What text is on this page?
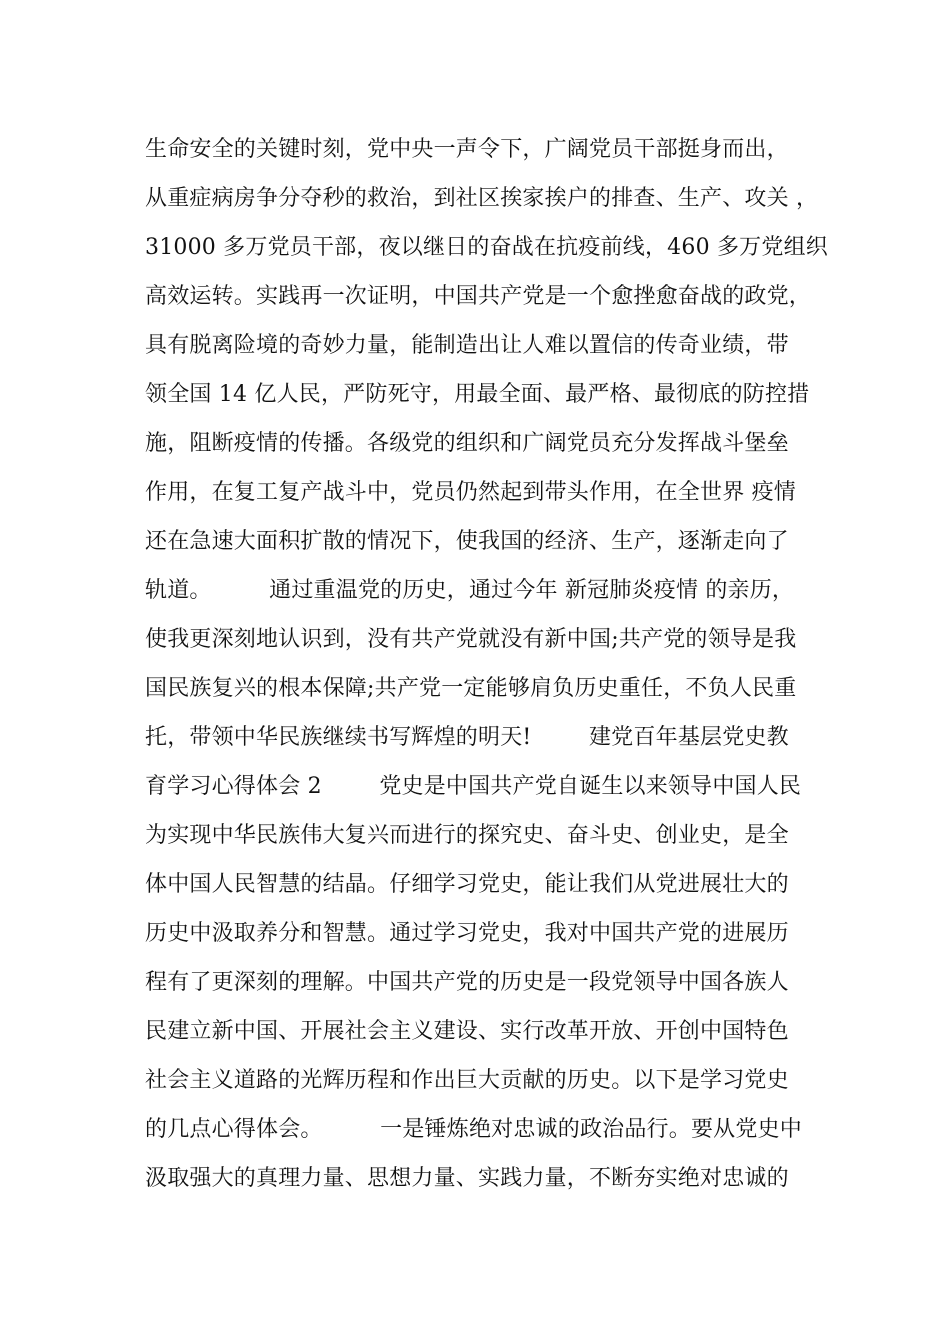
生命安全的关键时刻，党中央一声令下，广阔党员干部挺身而出，
从重症病房争分夺秒的救治，到社区挨家挨户的排查、生产、攻关 ，
31000 多万党员干部，夜以继日的奋战在抗疫前线，460 多万党组织
高效运转。实践再一次证明，中国共产党是一个愈挫愈奋战的政党，
具有脱离险境的奇妙力量，能制造出让人难以置信的传奇业绩，带
领全国 14 亿人民，严防死守，用最全面、最严格、最彻底的防控措
施，阻断疫情的传播。各级党的组织和广阔党员充分发挥战斗堡垒
作用，在复工复产战斗中，党员仍然起到带头作用，在全世界 疫情
还在急速大面积扩散的情况下，使我国的经济、生产，逐渐走向了
轨道。        通过重温党的历史，通过今年 新冠肺炎疫情 的亲历，
使我更深刻地认识到，没有共产党就没有新中国;共产党的领导是我
国民族复兴的根本保障;共产党一定能够肩负历史重任，不负人民重
托，带领中华民族继续书写辉煌的明天!        建党百年基层党史教
育学习心得体会 2        党史是中国共产党自诞生以来领导中国人民
为实现中华民族伟大复兴而进行的探究史、奋斗史、创业史，是全
体中国人民智慧的结晶。仔细学习党史，能让我们从党进展壮大的
历史中汲取养分和智慧。通过学习党史，我对中国共产党的进展历
程有了更深刻的理解。中国共产党的历史是一段党领导中国各族人
民建立新中国、开展社会主义建设、实行改革开放、开创中国特色
社会主义道路的光辉历程和作出巨大贡献的历史。以下是学习党史
的几点心得体会。        一是锤炼绝对忠诚的政治品行。要从党史中
汲取强大的真理力量、思想力量、实践力量，不断夯实绝对忠诚的
